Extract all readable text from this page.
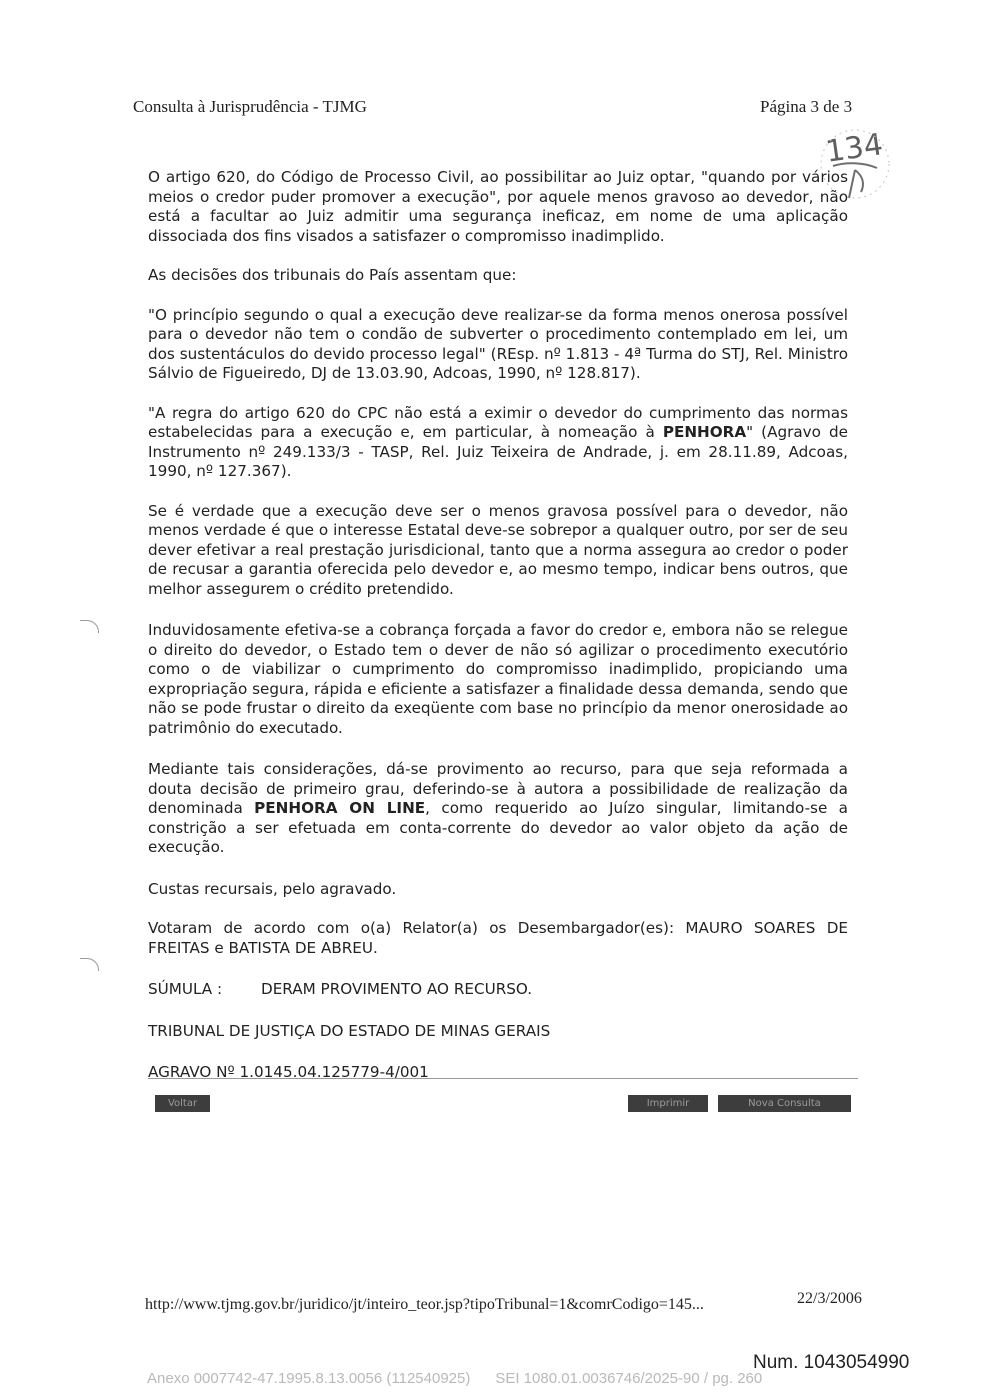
Consulta à Jurisprudência - TJMG	Página 3 de 3
134

O artigo 620, do Código de Processo Civil, ao possibilitar ao Juiz optar, "quando por vários meios o credor puder promover a execução", por aquele menos gravoso ao devedor, não está a facultar ao Juiz admitir uma segurança ineficaz, em nome de uma aplicação dissociada dos fins visados a satisfazer o compromisso inadimplido.

As decisões dos tribunais do País assentam que:

"O princípio segundo o qual a execução deve realizar-se da forma menos onerosa possível para o devedor não tem o condão de subverter o procedimento contemplado em lei, um dos sustentáculos do devido processo legal" (REsp. nº 1.813 - 4ª Turma do STJ, Rel. Ministro Sálvio de Figueiredo, DJ de 13.03.90, Adcoas, 1990, nº 128.817).

"A regra do artigo 620 do CPC não está a eximir o devedor do cumprimento das normas estabelecidas para a execução e, em particular, à nomeação à PENHORA" (Agravo de Instrumento nº 249.133/3 - TASP, Rel. Juiz Teixeira de Andrade, j. em 28.11.89, Adcoas, 1990, nº 127.367).

Se é verdade que a execução deve ser o menos gravosa possível para o devedor, não menos verdade é que o interesse Estatal deve-se sobrepor a qualquer outro, por ser de seu dever efetivar a real prestação jurisdicional, tanto que a norma assegura ao credor o poder de recusar a garantia oferecida pelo devedor e, ao mesmo tempo, indicar bens outros, que melhor assegurem o crédito pretendido.

Induvidosamente efetiva-se a cobrança forçada a favor do credor e, embora não se relegue o direito do devedor, o Estado tem o dever de não só agilizar o procedimento executório como o de viabilizar o cumprimento do compromisso inadimplido, propiciando uma expropriação segura, rápida e eficiente a satisfazer a finalidade dessa demanda, sendo que não se pode frustar o direito da exeqüente com base no princípio da menor onerosidade ao patrimônio do executado.

Mediante tais considerações, dá-se provimento ao recurso, para que seja reformada a douta decisão de primeiro grau, deferindo-se à autora a possibilidade de realização da denominada PENHORA ON LINE, como requerido ao Juízo singular, limitando-se a constrição a ser efetuada em conta-corrente do devedor ao valor objeto da ação de execução.

Custas recursais, pelo agravado.

Votaram de acordo com o(a) Relator(a) os Desembargador(es): MAURO SOARES DE FREITAS e BATISTA DE ABREU.

SÚMULA :	DERAM PROVIMENTO AO RECURSO.

TRIBUNAL DE JUSTIÇA DO ESTADO DE MINAS GERAIS

AGRAVO Nº 1.0145.04.125779-4/001

Voltar	Imprimir	Nova Consulta
http://www.tjmg.gov.br/juridico/jt/inteiro_teor.jsp?tipoTribunal=1&comrCodigo=145...	22/3/2006
Num. 1043054990
Anexo 0007742-47.1995.8.13.0056 (112540925)      SEI 1080.01.0036746/2025-90 / pg. 260
